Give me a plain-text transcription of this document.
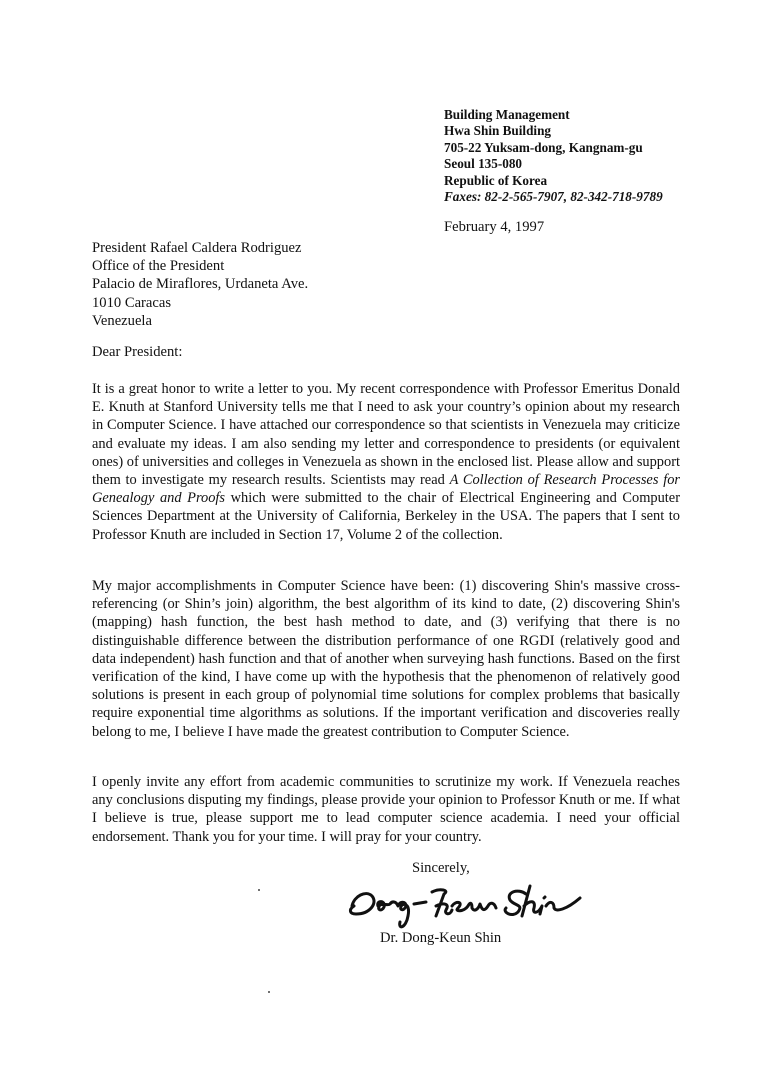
Building Management
Hwa Shin Building
705-22 Yuksam-dong, Kangnam-gu
Seoul 135-080
Republic of Korea
Faxes: 82-2-565-7907, 82-342-718-9789
February 4, 1997
President Rafael Caldera Rodriguez
Office of the President
Palacio de Miraflores, Urdaneta Ave.
1010 Caracas
Venezuela
Dear President:

It is a great honor to write a letter to you. My recent correspondence with Professor Emeritus Donald E. Knuth at Stanford University tells me that I need to ask your country’s opinion about my research in Computer Science. I have attached our correspondence so that scientists in Venezuela may criticize and evaluate my ideas. I am also sending my letter and correspondence to presidents (or equivalent ones) of universities and colleges in Venezuela as shown in the enclosed list. Please allow and support them to investigate my research results. Scientists may read A Collection of Research Processes for Genealogy and Proofs which were submitted to the chair of Electrical Engineering and Computer Sciences Department at the University of California, Berkeley in the USA. The papers that I sent to Professor Knuth are included in Section 17, Volume 2 of the collection.

My major accomplishments in Computer Science have been: (1) discovering Shin's massive cross-referencing (or Shin’s join) algorithm, the best algorithm of its kind to date, (2) discovering Shin's (mapping) hash function, the best hash method to date, and (3) verifying that there is no distinguishable difference between the distribution performance of one RGDI (relatively good and data independent) hash function and that of another when surveying hash functions. Based on the first verification of the kind, I have come up with the hypothesis that the phenomenon of relatively good solutions is present in each group of polynomial time solutions for complex problems that basically require exponential time algorithms as solutions. If the important verification and discoveries really belong to me, I believe I have made the greatest contribution to Computer Science.

I openly invite any effort from academic communities to scrutinize my work. If Venezuela reaches any conclusions disputing my findings, please provide your opinion to Professor Knuth or me. If what I believe is true, please support me to lead computer science academia. I need your official endorsement. Thank you for your time. I will pray for your country.

Sincerely,
Dr. Dong-Keun Shin
